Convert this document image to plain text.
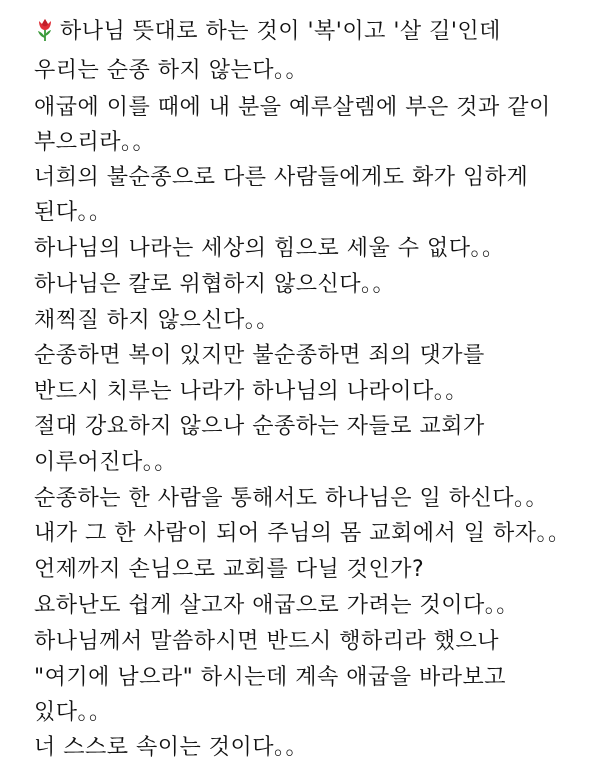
하나님 뜻대로 하는 것이 '복'이고 '살 길'인데
우리는 순종 하지 않는다。。
애굽에 이를 때에 내 분을 예루살렘에 부은 것과 같이
부으리라。。
너희의 불순종으로 다른 사람들에게도 화가 임하게
된다。。
하나님의 나라는 세상의 힘으로 세울 수 없다。。
하나님은 칼로 위협하지 않으신다。。
채찍질 하지 않으신다。。
순종하면 복이 있지만 불순종하면 죄의 댓가를
반드시 치루는 나라가 하나님의 나라이다。。
절대 강요하지 않으나 순종하는 자들로 교회가
이루어진다。。
순종하는 한 사람을 통해서도 하나님은 일 하신다。。
내가 그 한 사람이 되어 주님의 몸 교회에서 일 하자。。
언제까지 손님으로 교회를 다닐 것인가?
요하난도 쉽게 살고자 애굽으로 가려는 것이다。。
하나님께서 말씀하시면 반드시 행하리라 했으나
"여기에 남으라" 하시는데 계속 애굽을 바라보고
있다。。
너 스스로 속이는 것이다。。
